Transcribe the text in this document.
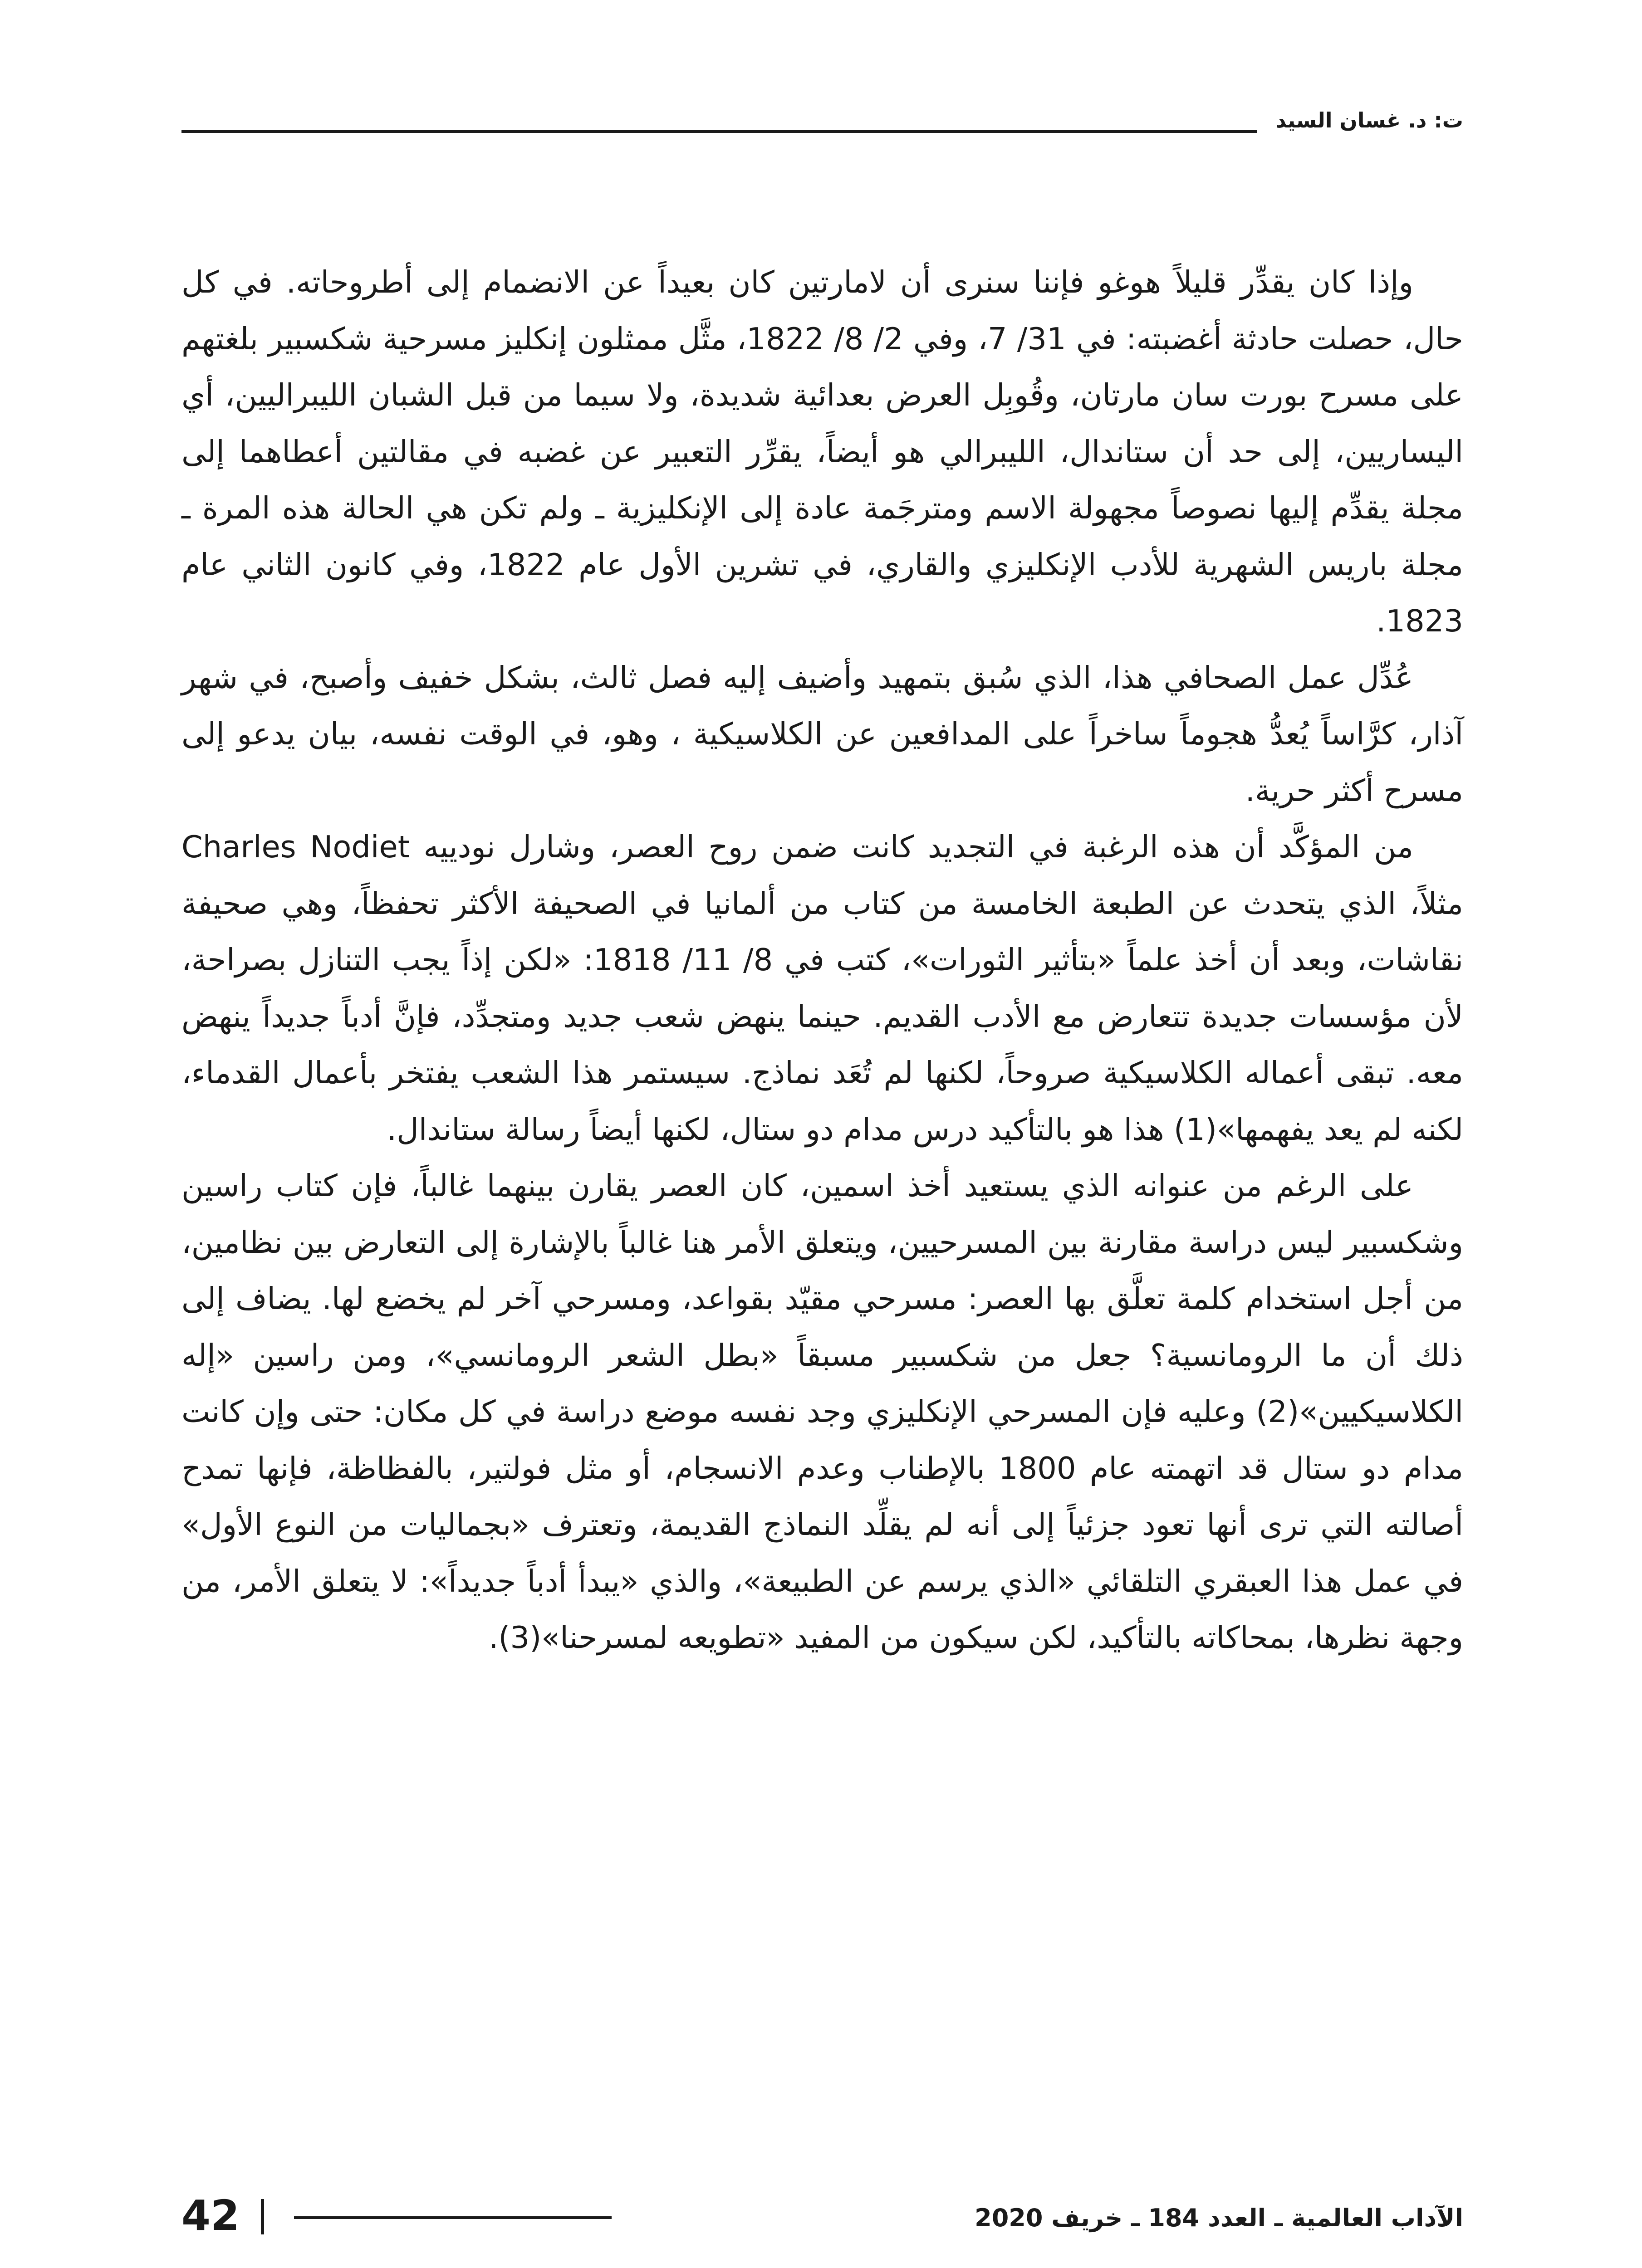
ت: د. غسان السيد

وإذا كان يقدِّر قليلاً هوغو فإننا سنرى أن لامارتين كان بعيداً عن الانضمام إلى أطروحاته. في كل حال، حصلت حادثة أغضبته: في 31/ 7، وفي 2/ 8/ 1822، مثَّل ممثلون إنكليز مسرحية شكسبير بلغتهم على مسرح بورت سان مارتان، وقُوبِل العرض بعدائية شديدة، ولا سيما من قبل الشبان الليبراليين، أي اليساريين، إلى حد أن ستاندال، الليبرالي هو أيضاً، يقرِّر التعبير عن غضبه في مقالتين أعطاهما إلى مجلة يقدِّم إليها نصوصاً مجهولة الاسم ومترجَمة عادة إلى الإنكليزية ـ ولم تكن هي الحالة هذه المرة ـ مجلة باريس الشهرية للأدب الإنكليزي والقاري، في تشرين الأول عام 1822، وفي كانون الثاني عام 1823.

عُدِّل عمل الصحافي هذا، الذي سُبق بتمهيد وأضيف إليه فصل ثالث، بشكل خفيف وأصبح، في شهر آذار، كرَّاساً يُعدُّ هجوماً ساخراً على المدافعين عن الكلاسيكية ، وهو، في الوقت نفسه، بيان يدعو إلى مسرح أكثر حرية.

من المؤكَّد أن هذه الرغبة في التجديد كانت ضمن روح العصر، وشارل نودييه Charles Nodiet مثلاً، الذي يتحدث عن الطبعة الخامسة من كتاب من ألمانيا في الصحيفة الأكثر تحفظاً، وهي صحيفة نقاشات، وبعد أن أخذ علماً «بتأثير الثورات»، كتب في 8/ 11/ 1818: «لكن إذاً يجب التنازل بصراحة، لأن مؤسسات جديدة تتعارض مع الأدب القديم. حينما ينهض شعب جديد ومتجدِّد، فإنَّ أدباً جديداً ينهض معه. تبقى أعماله الكلاسيكية صروحاً، لكنها لم تُعَد نماذج. سيستمر هذا الشعب يفتخر بأعمال القدماء، لكنه لم يعد يفهمها»(1) هذا هو بالتأكيد درس مدام دو ستال، لكنها أيضاً رسالة ستاندال.

على الرغم من عنوانه الذي يستعيد أخذ اسمين، كان العصر يقارن بينهما غالباً، فإن كتاب راسين وشكسبير ليس دراسة مقارنة بين المسرحيين، ويتعلق الأمر هنا غالباً بالإشارة إلى التعارض بين نظامين، من أجل استخدام كلمة تعلَّق بها العصر: مسرحي مقيّد بقواعد، ومسرحي آخر لم يخضع لها. يضاف إلى ذلك أن ما الرومانسية؟ جعل من شكسبير مسبقاً «بطل الشعر الرومانسي»، ومن راسين «إله الكلاسيكيين»(2) وعليه فإن المسرحي الإنكليزي وجد نفسه موضع دراسة في كل مكان: حتى وإن كانت مدام دو ستال قد اتهمته عام 1800 بالإطناب وعدم الانسجام، أو مثل فولتير، بالفظاظة، فإنها تمدح أصالته التي ترى أنها تعود جزئياً إلى أنه لم يقلِّد النماذج القديمة، وتعترف «بجماليات من النوع الأول» في عمل هذا العبقري التلقائي «الذي يرسم عن الطبيعة»، والذي «يبدأ أدباً جديداً»: لا يتعلق الأمر، من وجهة نظرها، بمحاكاته بالتأكيد، لكن سيكون من المفيد «تطويعه لمسرحنا»(3).

42	الآداب العالمية ـ العدد 184 ـ خريف 2020
